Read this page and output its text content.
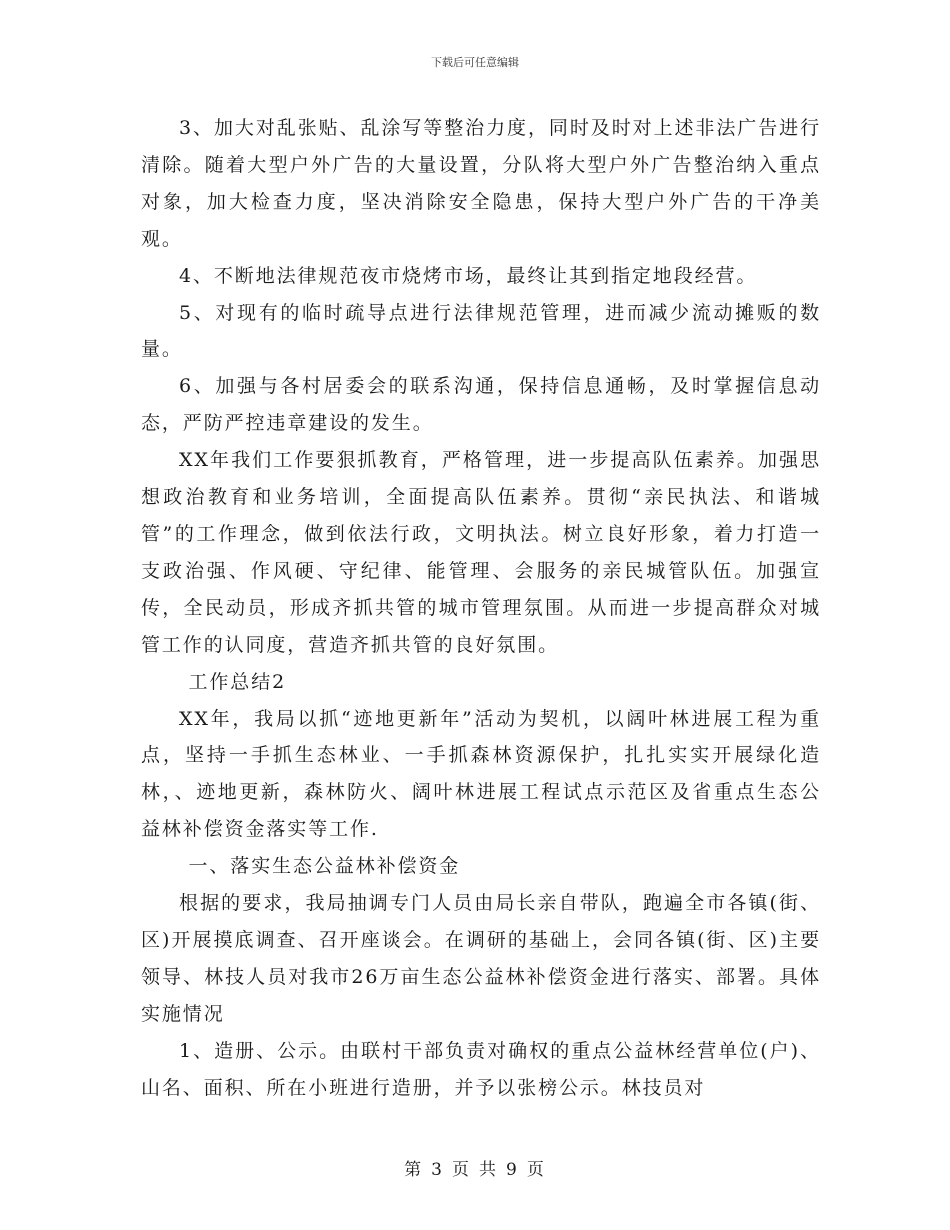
下载后可任意编辑

3、加大对乱张贴、乱涂写等整治力度，同时及时对上述非法广告进行清除。随着大型户外广告的大量设置，分队将大型户外广告整治纳入重点对象，加大检查力度，坚决消除安全隐患，保持大型户外广告的干净美观。

4、不断地法律规范夜市烧烤市场，最终让其到指定地段经营。

5、对现有的临时疏导点进行法律规范管理，进而减少流动摊贩的数量。

6、加强与各村居委会的联系沟通，保持信息通畅，及时掌握信息动态，严防严控违章建设的发生。

XX年我们工作要狠抓教育，严格管理，进一步提高队伍素养。加强思想政治教育和业务培训，全面提高队伍素养。贯彻“亲民执法、和谐城管”的工作理念，做到依法行政，文明执法。树立良好形象，着力打造一支政治强、作风硬、守纪律、能管理、会服务的亲民城管队伍。加强宣传，全民动员，形成齐抓共管的城市管理氛围。从而进一步提高群众对城管工作的认同度，营造齐抓共管的良好氛围。

工作总结2

XX年，我局以抓“迹地更新年”活动为契机，以阔叶林进展工程为重点，坚持一手抓生态林业、一手抓森林资源保护，扎扎实实开展绿化造林，、迹地更新，森林防火、阔叶林进展工程试点示范区及省重点生态公益林补偿资金落实等工作.

一、落实生态公益林补偿资金

根据的要求，我局抽调专门人员由局长亲自带队，跑遍全市各镇(街、区)开展摸底调查、召开座谈会。在调研的基础上，会同各镇(街、区)主要领导、林技人员对我市26万亩生态公益林补偿资金进行落实、部署。具体实施情况

1、造册、公示。由联村干部负责对确权的重点公益林经营单位(户)、山名、面积、所在小班进行造册，并予以张榜公示。林技员对

第 3 页 共 9 页
